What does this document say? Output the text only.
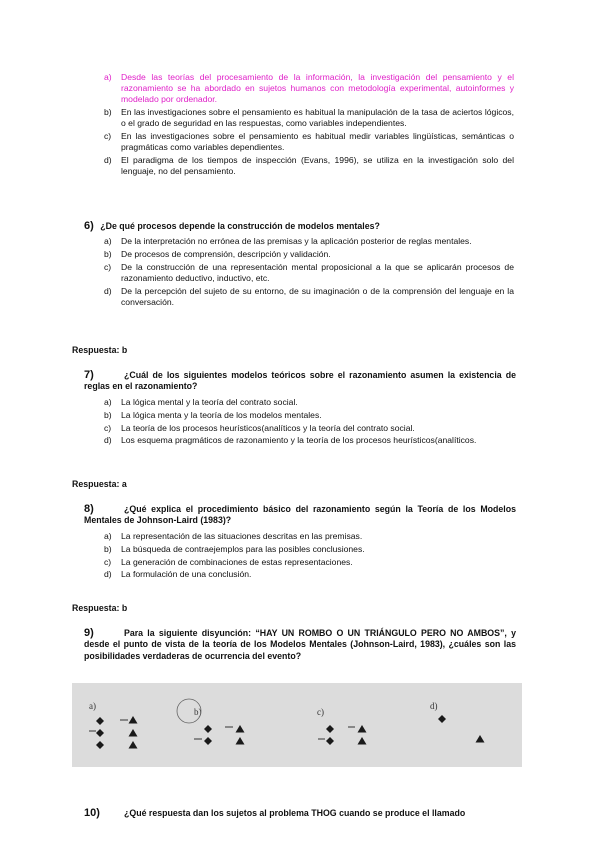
a) Desde las teorías del procesamiento de la información, la investigación del pensamiento y el razonamiento se ha abordado en sujetos humanos con metodología experimental, autoinformes y modelado por ordenador.
b) En las investigaciones sobre el pensamiento es habitual la manipulación de la tasa de aciertos lógicos, o el grado de seguridad en las respuestas, como variables independientes.
c) En las investigaciones sobre el pensamiento es habitual medir variables lingüísticas, semánticas o pragmáticas como variables dependientes.
d) El paradigma de los tiempos de inspección (Evans, 1996), se utiliza en la investigación solo del lenguaje, no del pensamiento.
6) ¿De qué procesos depende la construcción de modelos mentales?
a) De la interpretación no errónea de las premisas y la aplicación posterior de reglas mentales.
b) De procesos de comprensión, descripción y validación.
c) De la construcción de una representación mental proposicional a la que se aplicarán procesos de razonamiento deductivo, inductivo, etc.
d) De la percepción del sujeto de su entorno, de su imaginación o de la comprensión del lenguaje en la conversación.
Respuesta: b
7)	¿Cuál de los siguientes modelos teóricos sobre el razonamiento asumen la existencia de reglas en el razonamiento?
a) La lógica mental y la teoría del contrato social.
b) La lógica menta y la teoría de los modelos mentales.
c) La teoría de los procesos heurísticos(analíticos y la teoría del contrato social.
d) Los esquema pragmáticos de razonamiento y la teoría de los procesos heurísticos(analíticos.
Respuesta: a
8)	¿Qué explica el procedimiento básico del razonamiento según la Teoría de los Modelos Mentales de Johnson-Laird (1983)?
a) La representación de las situaciones descritas en las premisas.
b) La búsqueda de contraejemplos para las posibles conclusiones.
c) La generación de combinaciones de estas representaciones.
d) La formulación de una conclusión.
Respuesta: b
9)	Para la siguiente disyunción: “HAY UN ROMBO O UN TRIÁNGULO PERO NO AMBOS”, y desde el punto de vista de la teoría de los Modelos Mentales (Johnson-Laird, 1983), ¿cuáles son las posibilidades verdaderas de ocurrencia del evento?
a)
b)	c)
d)
10)	¿Qué respuesta dan los sujetos al problema THOG cuando se produce el llamado
